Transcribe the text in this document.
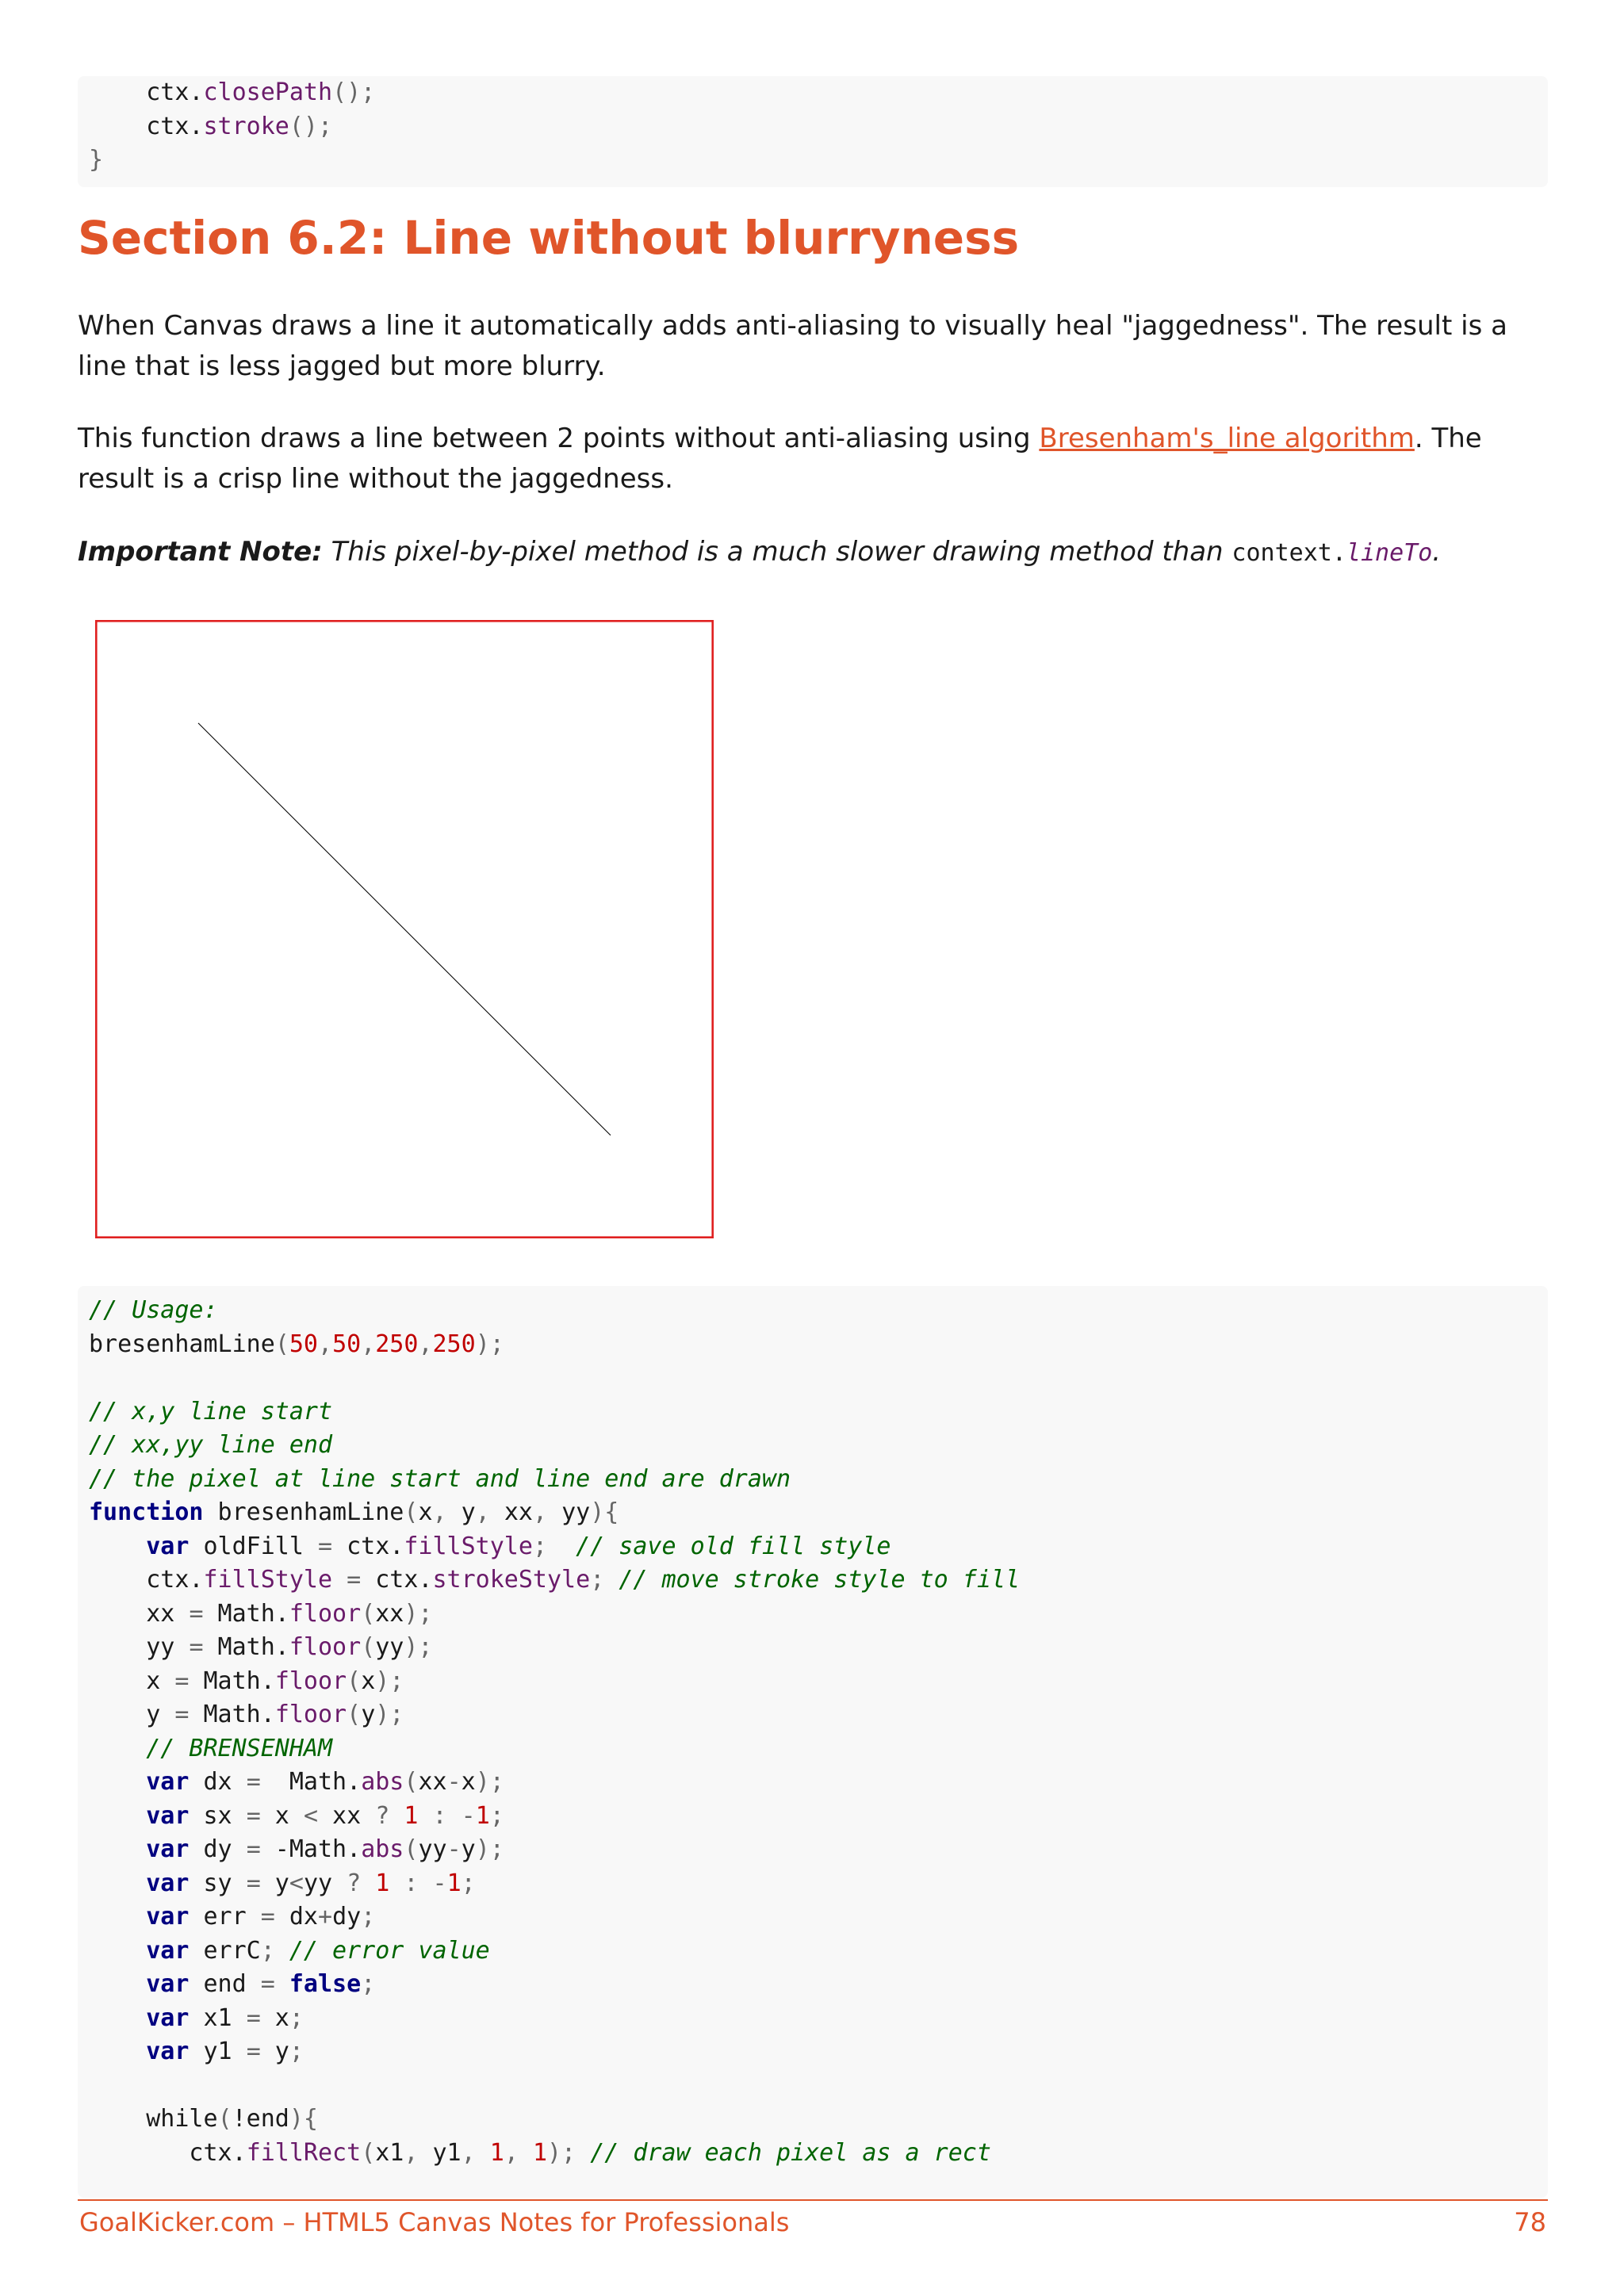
ctx.closePath();
ctx.stroke();
}
Section 6.2: Line without blurryness

When Canvas draws a line it automatically adds anti-aliasing to visually heal "jaggedness". The result is a line that is less jagged but more blurry.

This function draws a line between 2 points without anti-aliasing using Bresenham's_line algorithm. The result is a crisp line without the jaggedness.

Important Note: This pixel-by-pixel method is a much slower drawing method than context.lineTo.

// Usage:
bresenhamLine(50,50,250,250);

// x,y line start
// xx,yy line end
// the pixel at line start and line end are drawn
function bresenhamLine(x, y, xx, yy){
var oldFill = ctx.fillStyle;  // save old fill style
ctx.fillStyle = ctx.strokeStyle; // move stroke style to fill
xx = Math.floor(xx);
yy = Math.floor(yy);
x = Math.floor(x);
y = Math.floor(y);
// BRENSENHAM
var dx =  Math.abs(xx-x);
var sx = x < xx ? 1 : -1;
var dy = -Math.abs(yy-y);
var sy = y<yy ? 1 : -1;
var err = dx+dy;
var errC; // error value
var end = false;
var x1 = x;
var y1 = y;

while(!end){
ctx.fillRect(x1, y1, 1, 1); // draw each pixel as a rect
GoalKicker.com – HTML5 Canvas Notes for Professionals	78
